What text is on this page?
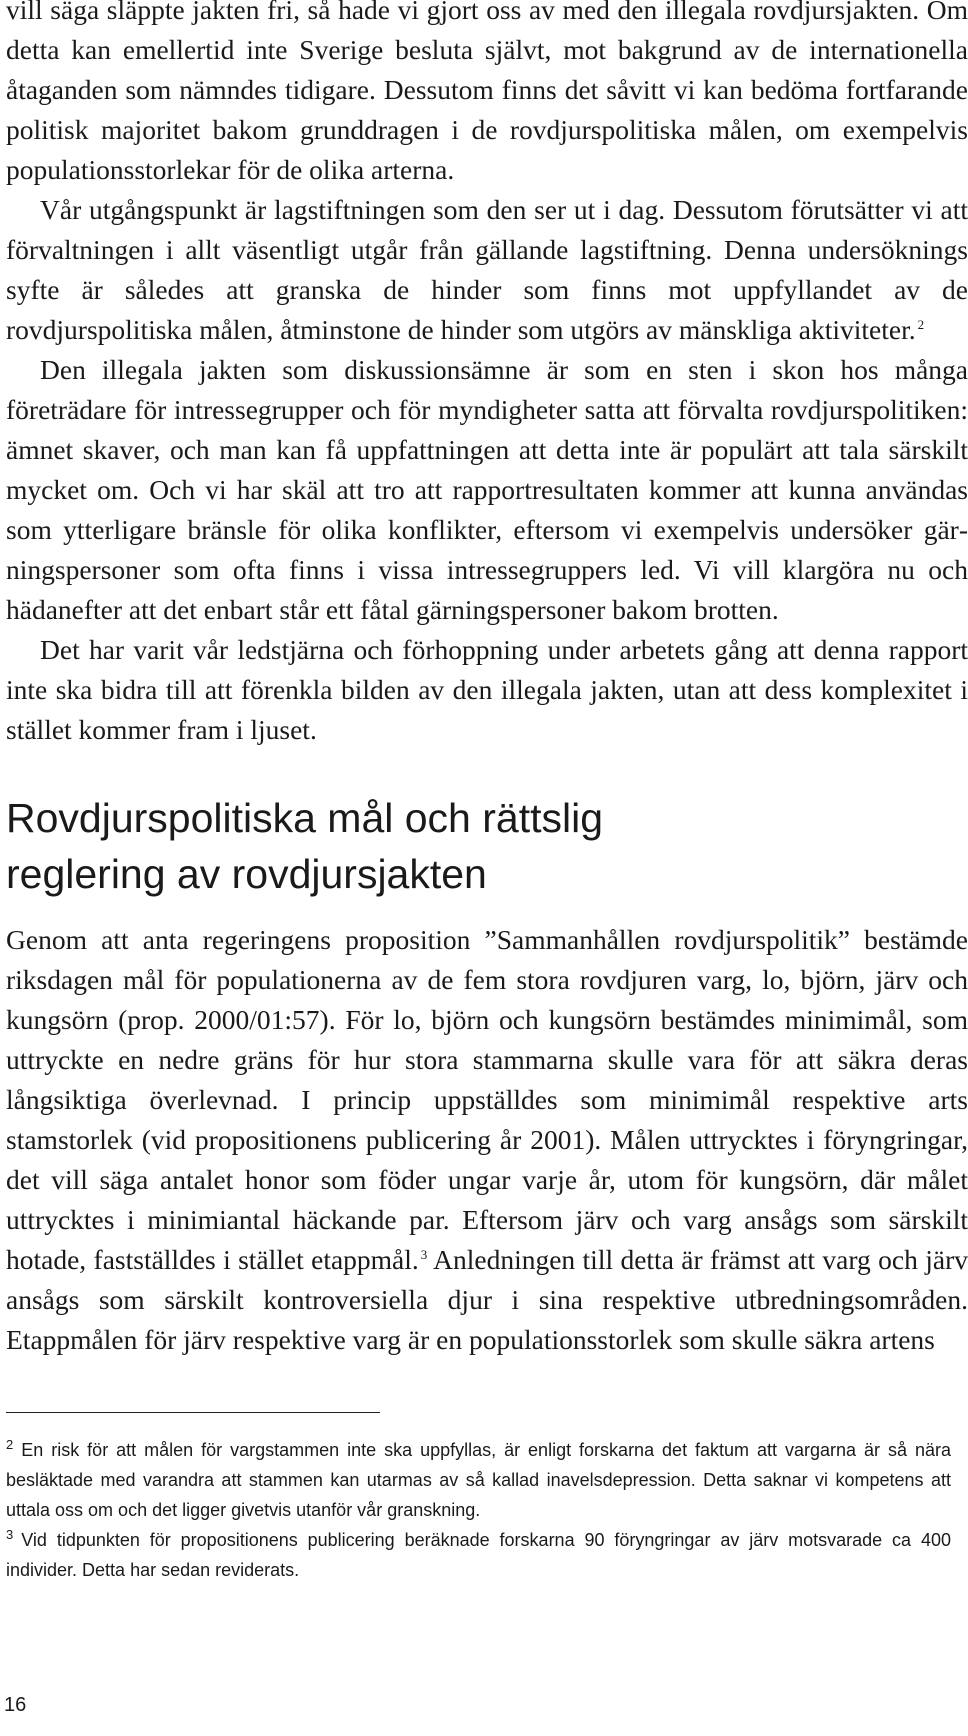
vill säga släppte jakten fri, så hade vi gjort oss av med den illegala rovdjursjakten. Om detta kan emellertid inte Sverige besluta självt, mot bakgrund av de internationella åtaganden som nämndes tidigare. Dessutom finns det såvitt vi kan bedöma fortfarande politisk majoritet bakom grunddragen i de rovdjurspolitiska målen, om exempelvis populationsstorlekar för de olika arterna.

Vår utgångspunkt är lagstiftningen som den ser ut i dag. Dessutom förutsätter vi att förvaltningen i allt väsentligt utgår från gällande lagstiftning. Denna undersöknings syfte är således att granska de hinder som finns mot uppfyllandet av de rovdjurspolitiska målen, åtminstone de hinder som utgörs av mänskliga aktiviteter. $^2$

Den illegala jakten som diskussionsämne är som en sten i skon hos många företrädare för intressegrupper och för myndigheter satta att förvalta rovdjurspolitiken: ämnet skaver, och man kan få uppfattningen att detta inte är populärt att tala särskilt mycket om. Och vi har skäl att tro att rapportresultaten kommer att kunna användas som ytterligare bränsle för olika konflikter, eftersom vi exempelvis undersöker gärningspersoner som ofta finns i vissa intressegruppers led. Vi vill klargöra nu och hädanefter att det enbart står ett fåtal gärningspersoner bakom brotten.

Det har varit vår ledstjärna och förhoppning under arbetets gång att denna rapport inte ska bidra till att förenkla bilden av den illegala jakten, utan att dess komplexitet i stället kommer fram i ljuset.

Rovdjurspolitiska mål och rättslig reglering av rovdjursjakten

Genom att anta regeringens proposition ”Sammanhållen rovdjurspolitik” bestämde riksdagen mål för populationerna av de fem stora rovdjuren varg, lo, björn, järv och kungsörn (prop. 2000/01:57). För lo, björn och kungsörn bestämdes minimimål, som uttryckte en nedre gräns för hur stora stammarna skulle vara för att säkra deras långsiktiga överlevnad. I princip uppställdes som minimimål respektive arts stamstorlek (vid propositionens publicering år 2001). Målen uttrycktes i föryngringar, det vill säga antalet honor som föder ungar varje år, utom för kungsörn, där målet uttrycktes i minimiantal häckande par. Eftersom järv och varg ansågs som särskilt hotade, fastställdes i stället etappmål. $^3$ Anledningen till detta är främst att varg och järv ansågs som särskilt kontroversiella djur i sina respektive utbredningsområden. Etappmålen för järv respektive varg är en populationsstorlek som skulle säkra artens

$^2$ En risk för att målen för vargstammen inte ska uppfyllas, är enligt forskarna det faktum att vargarna är så nära besläktade med varandra att stammen kan utarmas av så kallad inavelsdepression. Detta saknar vi kompetens att uttala oss om och det ligger givetvis utanför vår granskning.

$^3$ Vid tidpunkten för propositionens publicering beräknade forskarna 90 föryngringar av järv motsvarade ca 400 individer. Detta har sedan reviderats.

16
